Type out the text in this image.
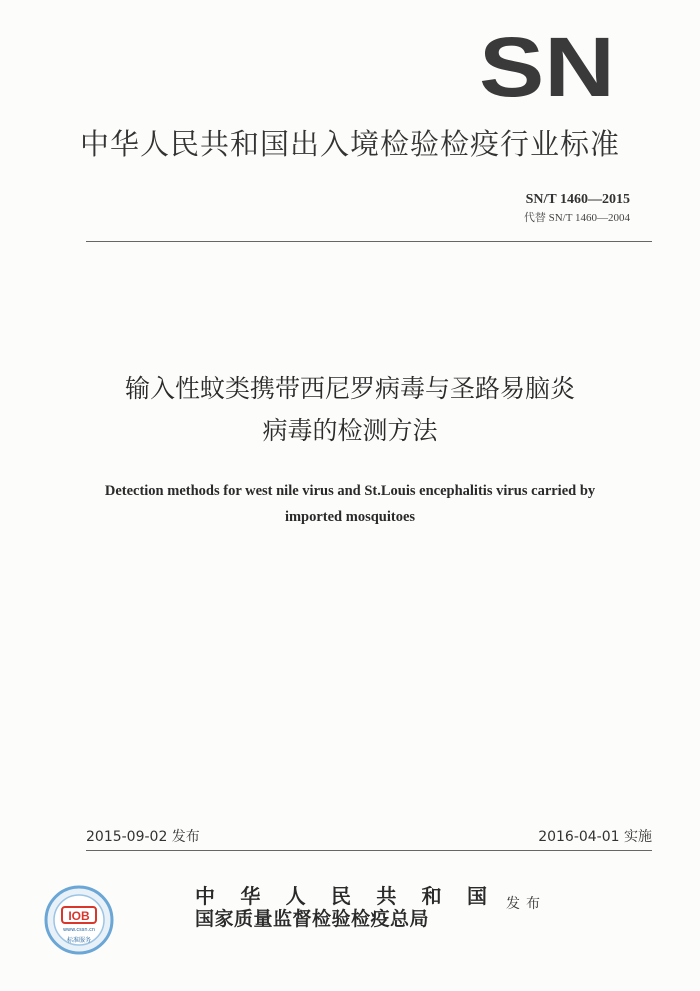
SN
中华人民共和国出入境检验检疫行业标准
SN/T 1460—2015
代替 SN/T 1460—2004
输入性蚊类携带西尼罗病毒与圣路易脑炎
病毒的检测方法
Detection methods for west nile virus and St.Louis encephalitis virus carried by
imported mosquitoes
2015-09-02 发布	2016-04-01 实施
IOB
www.cssn.cn
标准服务
中 华 人 民 共 和 国
国家质量监督检验检疫总局
发布
